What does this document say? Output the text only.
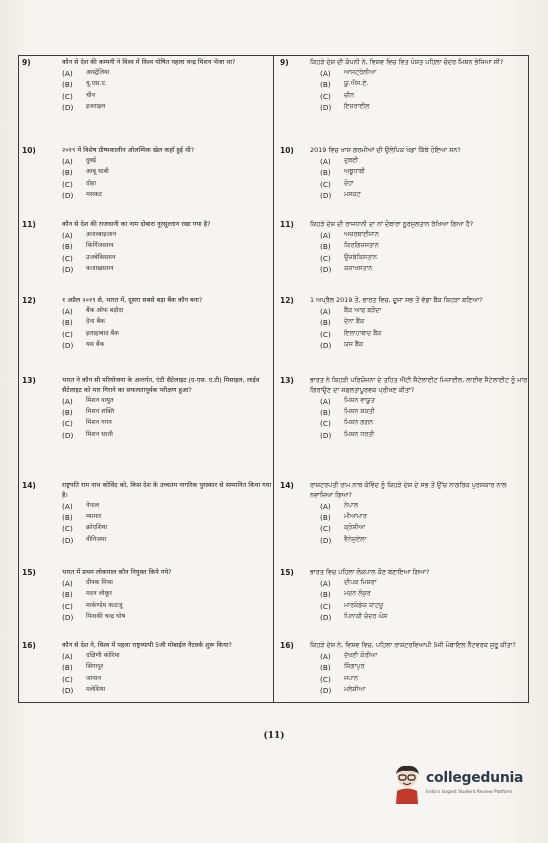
9)	कौन से देश की कम्पनी ने विश्व में विश्व पोषित पहला चन्द्र मिशन भेजा था?
(A)	आस्ट्रेलिया
(B)	यू.एस.ए.
(C)	चीन
(D)	इजराइल
10)	२०१९ में विशेष ग्रीष्मकालीन ओलम्पिक खेल कहाँ हुई थी?
(A)	दुबई
(B)	आबू धाबी
(C)	दोहा
(D)	मसकट
11)	कौन से देश की राजधानी का नाम दोबारा नूरसुल्तान रखा गया है?
(A)	अजरबाइजान
(B)	किर्गिजस्तान
(C)	उजबेकिस्तान
(D)	कजाखस्तान
12)	१ अप्रैल २०१९ से, भारत में, दूसरा सबसे बड़ा बैंक कौन बना?
(A)	बैंक ऑफ बड़ौदा
(B)	देना बैंक
(C)	इलाहाबाद बैंक
(D)	यस बैंक
13)	भारत ने कौन सी परियोजना के अन्तर्गत, एंटी सैटेलाइट (ए-एस. ए.टी) मिसाइल, लाईव सैटेलाइट को मार गिराने का सफलतापूर्वक परीक्षण हुआ?
(A)	मिशन वायुत
(B)	मिशन शक्ति
(C)	मिशन गगन
(D)	मिशन धरती
14)	राष्ट्रपति राम नाथ कोविंद को, किस देश के उच्चतम नागरिक पुरस्कार से सम्मानित किया गया है।
(A)	नेपाल
(B)	म्यामार
(C)	क्रोएशिया
(D)	वीनिजमा
15)	भारत में प्रथम लोकपाल कौन नियुक्त किये गये?
(A)	दीपक मिश्रा
(B)	मदन लोकूर
(C)	मार्कण्डेय काटजू
(D)	पिनाकी चन्द्र घोष
16)	कौन से देश ने, विश्व में पहला राष्ट्रव्यापी 5जी मोबाईल नैटवर्क शुरू किया?
(A)	दक्षिणी कोरिया
(B)	सिंगापुर
(C)	जापान
(D)	मलेशिया
9)	ਕਿਹੜੇ ਦੇਸ਼ ਦੀ ਕੰਪਨੀ ਨੇ, ਵਿਸ਼ਵ ਵਿਚ ਵਿਤ ਪੋਸ਼ਤ ਪਹਿਲਾ ਚੰਦਰ ਮਿਸ਼ਨ ਭੇਜਿਆ ਸੀ?
(A)	ਆਸਟ੍ਰੇਲੀਆ
(B)	ਯੂ.ਐਸ.ਏ.
(C)	ਚੀਨ
(D)	ਇਜ਼ਰਾਈਲ
10)	2019 ਵਿਚ ਖਾਸ ਗਰਮੀਆਂ ਦੀ ਉਲੰਪਿਕ ਖੇਡਾਂ ਕਿੱਥੇ ਹੋਇਆ ਸਨ?
(A)	ਦੁਬਈ
(B)	ਅਬੂਧਾਬੀ
(C)	ਦੋਹਾ
(D)	ਮਸਕਟ
11)	ਕਿਹੜੇ ਦੇਸ਼ ਦੀ ਰਾਜਧਾਨੀ ਦਾ ਨਾਂ ਦੋਬਾਰਾ ਨੂਰਸੁਲਤਾਨ ਰੱਖਿਆ ਗਿਆ ਹੈ?
(A)	ਅਜ਼ਰਬਾਈਜਾਨ
(B)	ਕਿਰਗਿਜ਼ਸਤਾਨ
(C)	ਉਜ਼ਬੇਕਿਸਤਾਨ
(D)	ਕਜ਼ਾਖਸਤਾਨ
12)	1 ਅਪ੍ਰੈਲ 2019 ਤੋਂ, ਭਾਰਤ ਵਿਚ, ਦੂਜਾ ਸਭ ਤੋਂ ਵੱਡਾ ਬੈਂਕ ਕਿਹੜਾ ਬਣਿਆ?
(A)	ਬੈਂਕ ਆਫ ਬੜੌਦਾ
(B)	ਦੇਨਾ ਬੈਂਕ
(C)	ਇਲਾਹਾਬਾਦ ਬੈਂਕ
(D)	ਯਸ ਬੈਂਕ
13)	ਭਾਰਤ ਨੇ ਕਿਹੜੀ ਪਰਿਯੋਜਨਾ ਦੇ ਤਹਿਤ ਐਂਟੀ ਸੈਟੇਲਾਈਟ ਮਿਜ਼ਾਈਲ, ਲਾਈਵ ਸੈਟੇਲਾਈਟ ਨੂੰ ਮਾਰ ਗਿਰਾਉਣ ਦਾ ਸਫਲਤਾਪੂਰਵਕ ਪ੍ਰੀਖਣ ਕੀਤਾ?
(A)	ਮਿਸ਼ਨ ਵਾਯੂਤ
(B)	ਮਿਸ਼ਨ ਸ਼ਕਤੀ
(C)	ਮਿਸ਼ਨ ਗਗਨ
(D)	ਮਿਸ਼ਨ ਧਰਤੀ
14)	ਰਾਸ਼ਟਰਪਤੀ ਰਾਮ ਨਾਥ ਕੋਵਿੰਦ ਨੂੰ ਕਿਹੜੇ ਦੇਸ਼ ਦੇ ਸਭ ਤੋਂ ਉੱਚ ਨਾਗਰਿਕ ਪੁਰਸਕਾਰ ਨਾਲ ਨਵਾਜ਼ਿਆ ਗਿਆ?
(A)	ਨੇਪਾਲ
(B)	ਮੀਆਂਮਾਰ
(C)	ਕ੍ਰੋਸ਼ੀਆ
(D)	ਵੈਨੇਜ਼ੁਏਲਾ
15)	ਭਾਰਤ ਵਿਚ ਪਹਿਲਾ ਲੋਕਪਾਲ ਕੌਣ ਬਣਾਇਆ ਗਿਆ?
(A)	ਦੀਪਕ ਮਿਸ਼ਰਾ
(B)	ਮਦਨ ਲੋਕੁਰ
(C)	ਮਾਰਕੰਡੇਯ ਕਾਟਜੂ
(D)	ਪਿਨਾਕੀ ਚੰਦਰ ਘੋਸ਼
16)	ਕਿਹੜੇ ਦੇਸ਼ ਨੇ, ਵਿਸ਼ਵ ਵਿਚ, ਪਹਿਲਾ ਰਾਸ਼ਟਰਵਿਆਪੀ 5ਜੀ ਮੋਬਾਇਲ ਨੈੱਟਵਰਕ ਸ਼ੁਰੂ ਕੀਤਾ?
(A)	ਦੱਖਣੀ ਕੋਰੀਆ
(B)	ਸਿੰਗਾਪੁਰ
(C)	ਜਪਾਨ
(D)	ਮਲੇਸ਼ੀਆ
(11)
collegedunia
India's largest Student Review Platform
